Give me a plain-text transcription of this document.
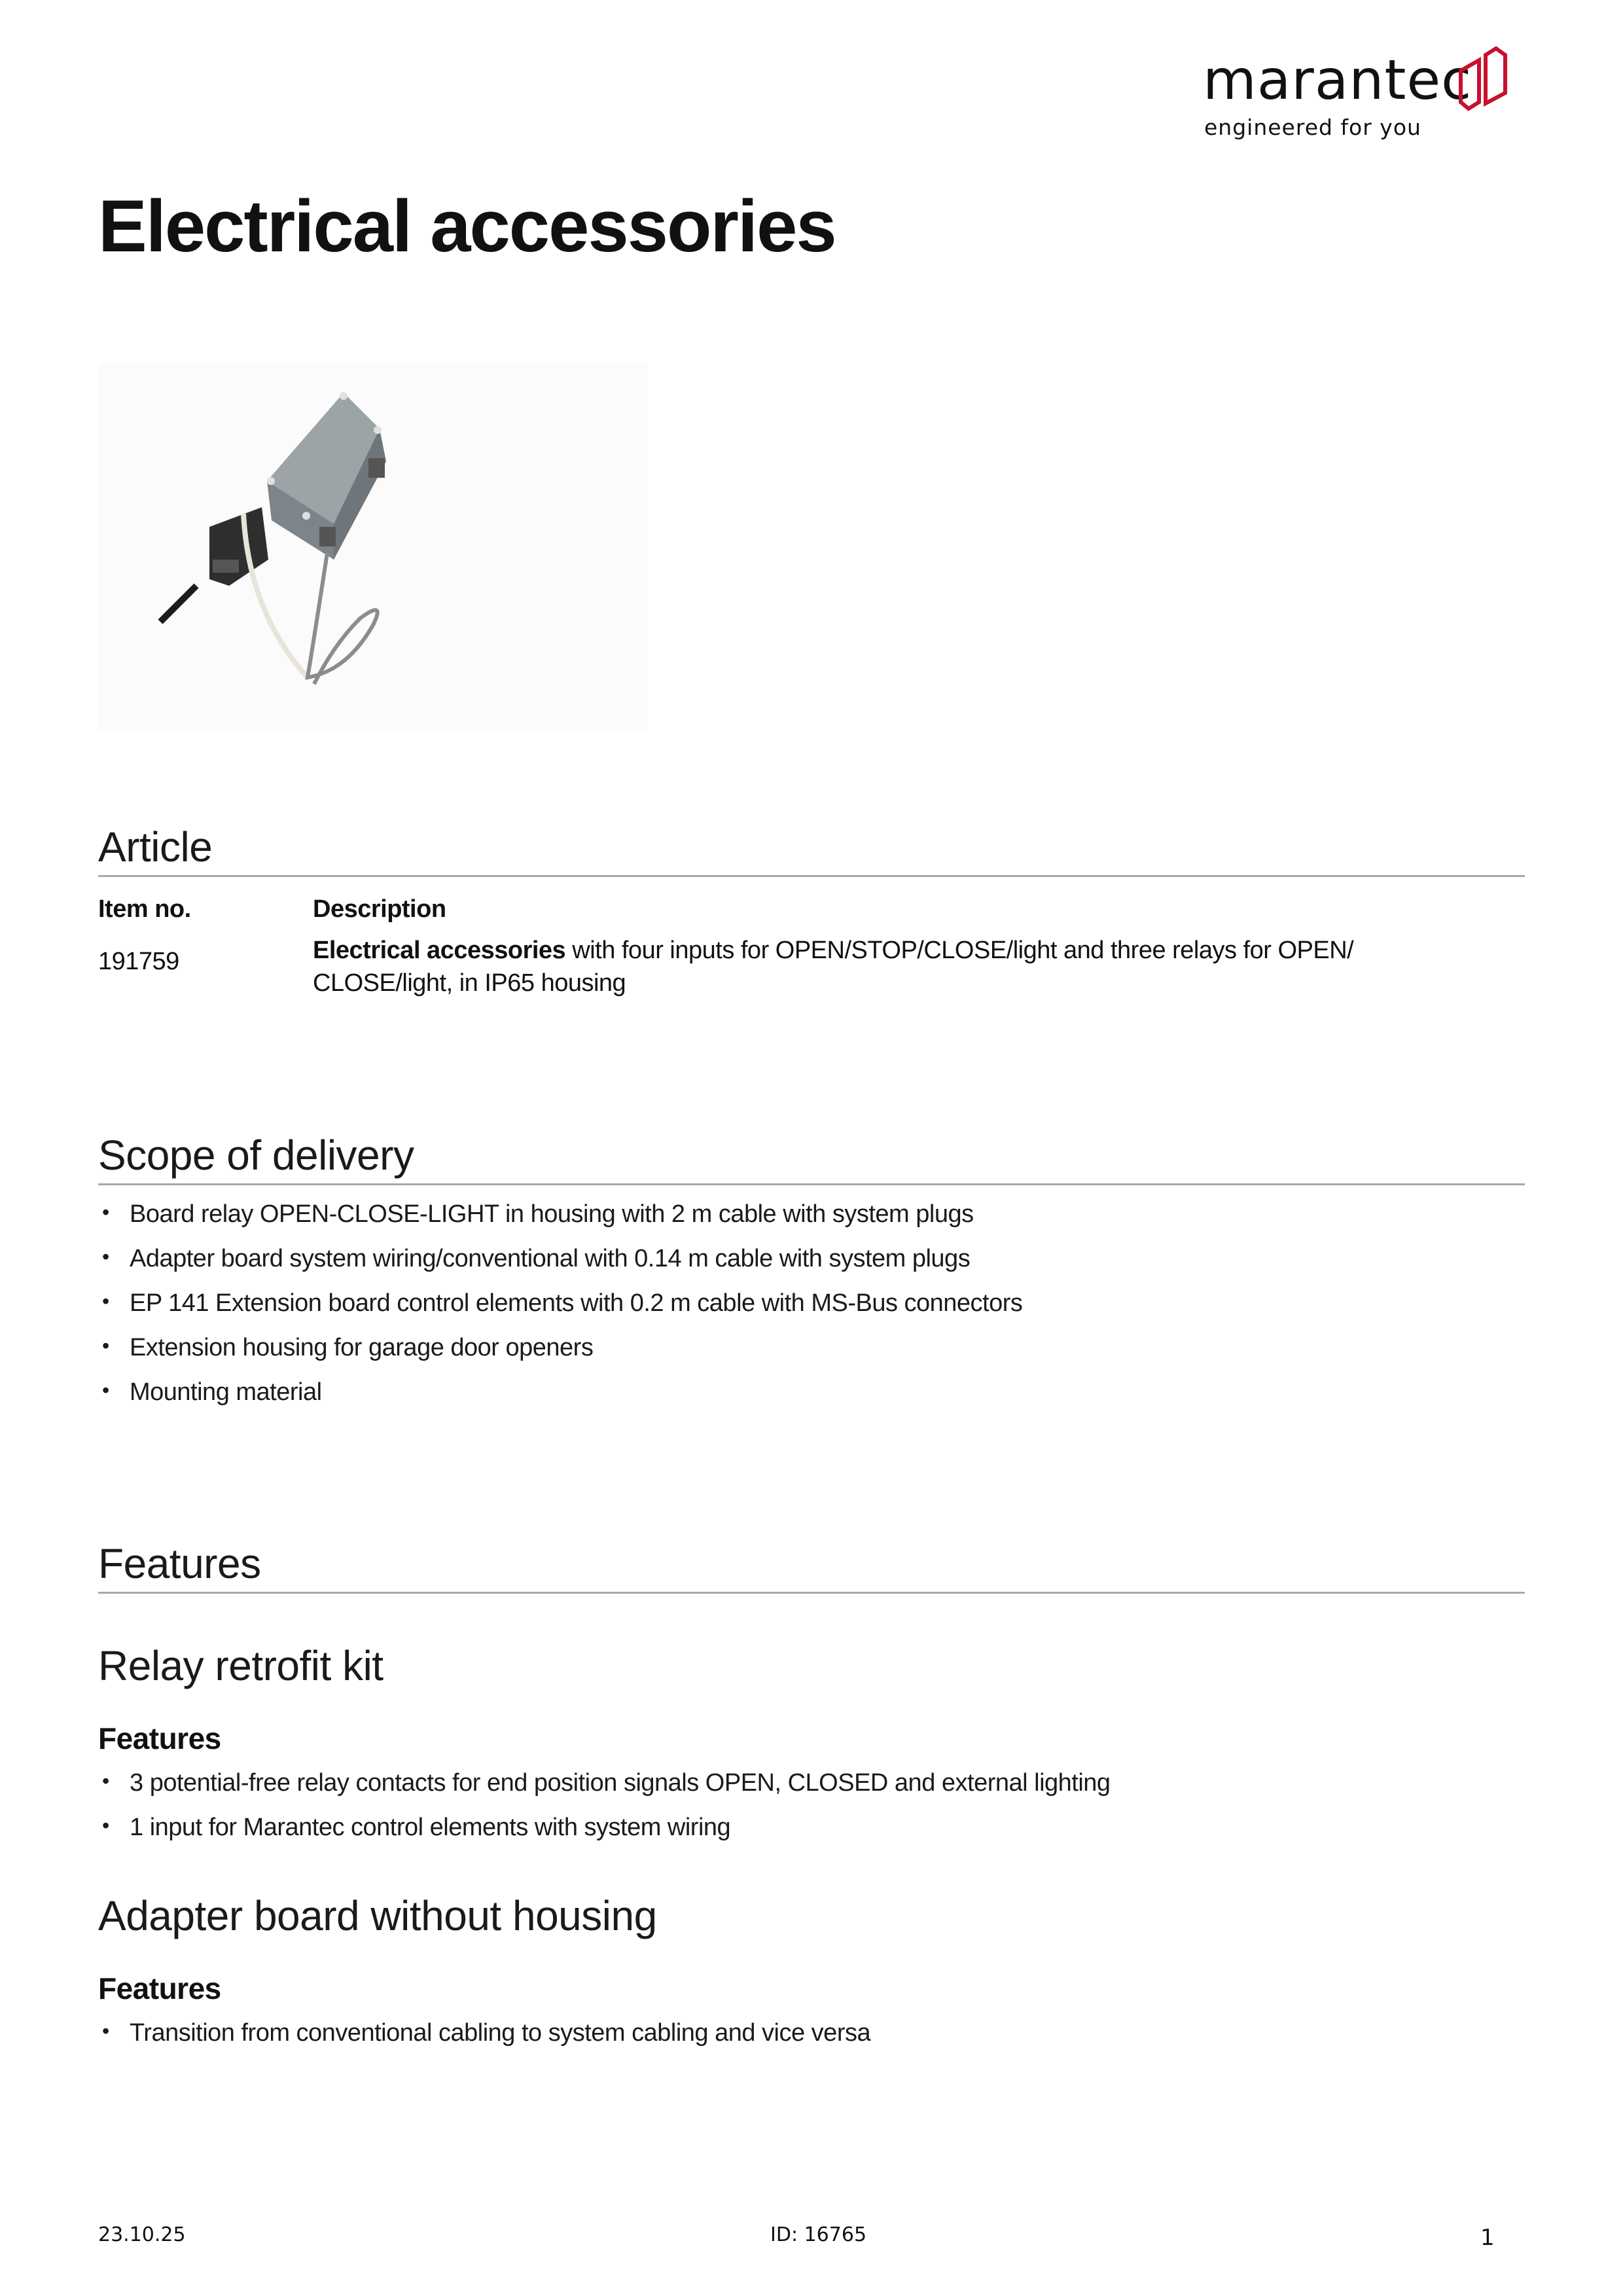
marantec
engineered for you
Electrical accessories
Article
Item no.	Description
191759	Electrical accessories with four inputs for OPEN/STOP/CLOSE/light and three relays for OPEN/ CLOSE/light, in IP65 housing
Scope of delivery
• Board relay OPEN-CLOSE-LIGHT in housing with 2 m cable with system plugs
• Adapter board system wiring/conventional with 0.14 m cable with system plugs
• EP 141 Extension board control elements with 0.2 m cable with MS-Bus connectors
• Extension housing for garage door openers
• Mounting material
Features
Relay retrofit kit
Features
• 3 potential-free relay contacts for end position signals OPEN, CLOSED and external lighting
• 1 input for Marantec control elements with system wiring
Adapter board without housing
Features
• Transition from conventional cabling to system cabling and vice versa
23.10.25	ID: 16765	1
